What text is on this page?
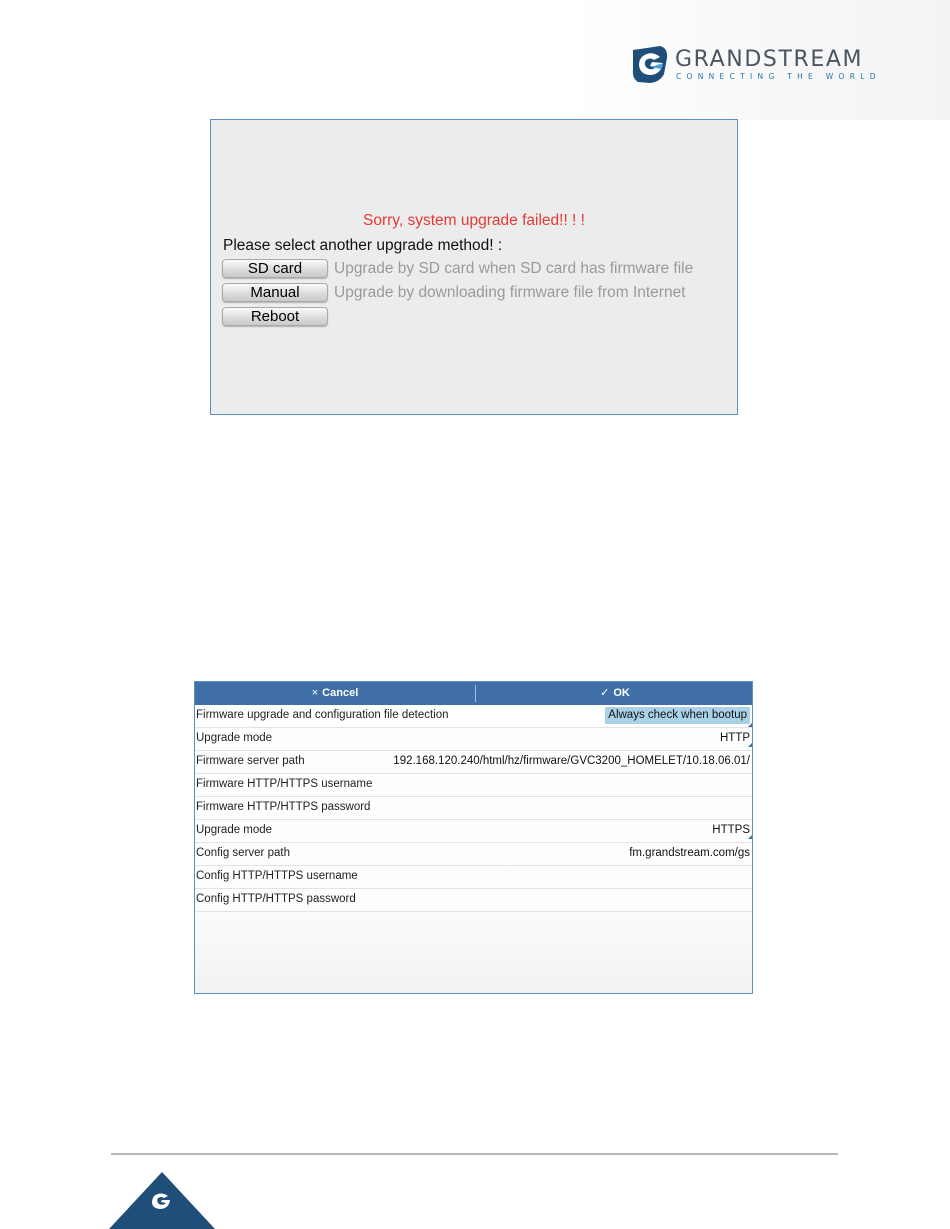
GRANDSTREAM
CONNECTING THE WORLD
Sorry, system upgrade failed!! ! !
Please select another upgrade method! :
SD card	Upgrade by SD card when SD card has firmware file
Manual	Upgrade by downloading firmware file from Internet
Reboot
× Cancel	✓ OK
Firmware upgrade and configuration file detection	Always check when bootup
Upgrade mode	HTTP
Firmware server path	192.168.120.240/html/hz/firmware/GVC3200_HOMELET/10.18.06.01/
Firmware HTTP/HTTPS username
Firmware HTTP/HTTPS password
Upgrade mode	HTTPS
Config server path	fm.grandstream.com/gs
Config HTTP/HTTPS username
Config HTTP/HTTPS password
